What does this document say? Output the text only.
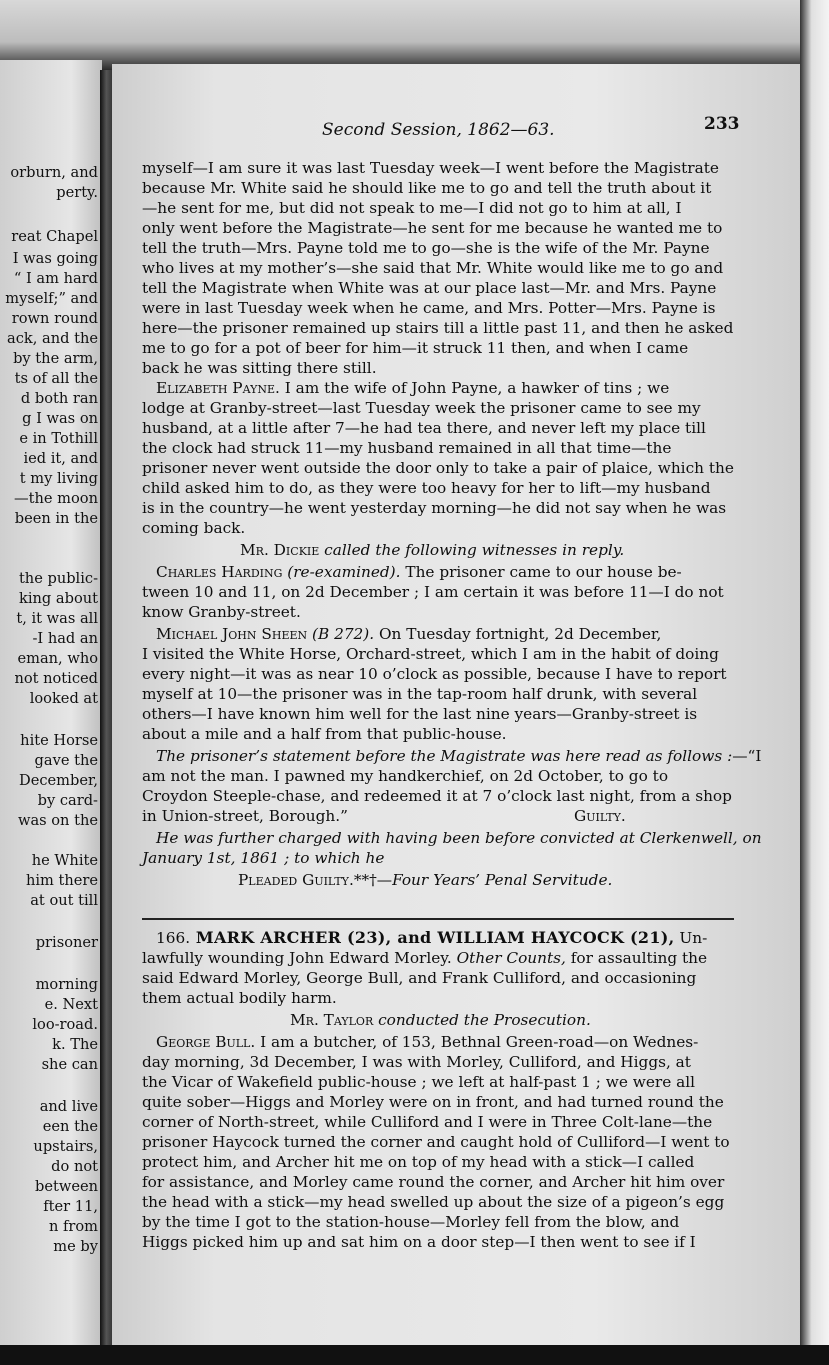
orburn, and
perty.
reat Chapel
I was going
“ I am hard
myself;” and
rown round
ack, and the
by the arm,
ts of all the
d both ran
g I was on
e in Tothill
ied it, and
t my living
—the moon
been in the
the public-
king about
t, it was all
-I had an
eman, who
not noticed
looked at
hite Horse
gave the
December,
by card-
was on the
he White
him there
at out till
prisoner
morning
e. Next
loo-road.
k. The
she can
and live
een the
upstairs,
do not
between
fter 11,
n from
me by
Second Session, 1862—63.	233
myself—I am sure it was last Tuesday week—I went before the Magistrate
because Mr. White said he should like me to go and tell the truth about it
—he sent for me, but did not speak to me—I did not go to him at all, I
only went before the Magistrate—he sent for me because he wanted me to
tell the truth—Mrs. Payne told me to go—she is the wife of the Mr. Payne
who lives at my mother’s—she said that Mr. White would like me to go and
tell the Magistrate when White was at our place last—Mr. and Mrs. Payne
were in last Tuesday week when he came, and Mrs. Potter—Mrs. Payne is
here—the prisoner remained up stairs till a little past 11, and then he asked
me to go for a pot of beer for him—it struck 11 then, and when I came
back he was sitting there still.
Elizabeth Payne. I am the wife of John Payne, a hawker of tins ; we
lodge at Granby-street—last Tuesday week the prisoner came to see my
husband, at a little after 7—he had tea there, and never left my place till
the clock had struck 11—my husband remained in all that time—the
prisoner never went outside the door only to take a pair of plaice, which the
child asked him to do, as they were too heavy for her to lift—my husband
is in the country—he went yesterday morning—he did not say when he was
coming back.
Mr. Dickie called the following witnesses in reply.
Charles Harding (re-examined). The prisoner came to our house be-
tween 10 and 11, on 2d December ; I am certain it was before 11—I do not
know Granby-street.
Michael John Sheen (B 272). On Tuesday fortnight, 2d December,
I visited the White Horse, Orchard-street, which I am in the habit of doing
every night—it was as near 10 o’clock as possible, because I have to report
myself at 10—the prisoner was in the tap-room half drunk, with several
others—I have known him well for the last nine years—Granby-street is
about a mile and a half from that public-house.
The prisoner’s statement before the Magistrate was here read as follows :—“I
am not the man. I pawned my handkerchief, on 2d October, to go to
Croydon Steeple-chase, and redeemed it at 7 o’clock last night, from a shop
in Union-street, Borough.”	Guilty.
He was further charged with having been before convicted at Clerkenwell, on
January 1st, 1861 ; to which he
Pleaded Guilty.**†—Four Years’ Penal Servitude.
166. MARK ARCHER (23), and WILLIAM HAYCOCK (21), Un-
lawfully wounding John Edward Morley. Other Counts, for assaulting the
said Edward Morley, George Bull, and Frank Culliford, and occasioning
them actual bodily harm.
Mr. Taylor conducted the Prosecution.
George Bull. I am a butcher, of 153, Bethnal Green-road—on Wednes-
day morning, 3d December, I was with Morley, Culliford, and Higgs, at
the Vicar of Wakefield public-house ; we left at half-past 1 ; we were all
quite sober—Higgs and Morley were on in front, and had turned round the
corner of North-street, while Culliford and I were in Three Colt-lane—the
prisoner Haycock turned the corner and caught hold of Culliford—I went to
protect him, and Archer hit me on top of my head with a stick—I called
for assistance, and Morley came round the corner, and Archer hit him over
the head with a stick—my head swelled up about the size of a pigeon’s egg
by the time I got to the station-house—Morley fell from the blow, and
Higgs picked him up and sat him on a door step—I then went to see if I
